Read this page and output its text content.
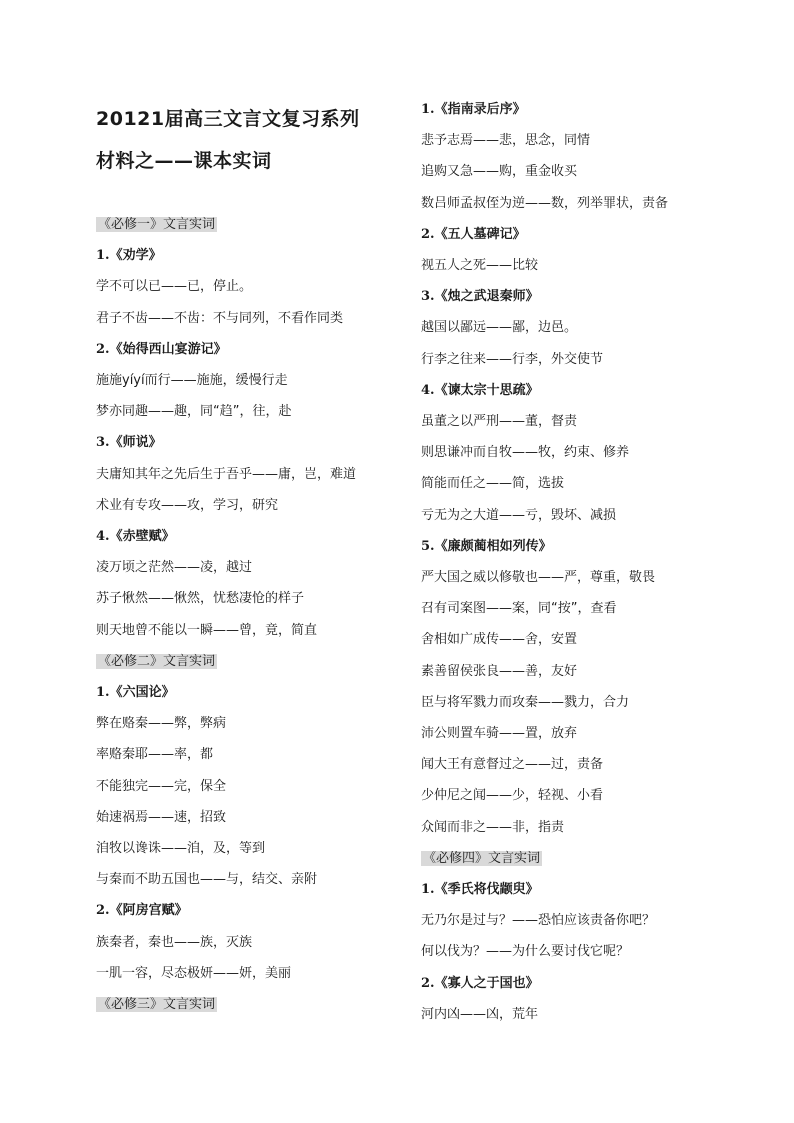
20121届高三文言文复习系列
材料之——课本实词
《必修一》文言实词
1.《劝学》
学不可以已——已，停止。
君子不齿——不齿：不与同列，不看作同类
2.《始得西山宴游记》
施施yíyí而行——施施，缓慢行走
梦亦同趣——趣，同“趋”，往，赴
3.《师说》
夫庸知其年之先后生于吾乎——庸，岂，难道
术业有专攻——攻，学习，研究
4.《赤壁赋》
凌万顷之茫然——凌，越过
苏子愀然——愀然，忧愁凄怆的样子
则天地曾不能以一瞬——曾，竟，简直
《必修二》文言实词
1.《六国论》
弊在赂秦——弊，弊病
率赂秦耶——率，都
不能独完——完，保全
始速祸焉——速，招致
洎牧以谗诛——洎，及，等到
与秦而不助五国也——与，结交、亲附
2.《阿房宫赋》
族秦者，秦也——族，灭族
一肌一容，尽态极妍——妍，美丽
《必修三》文言实词
1.《指南录后序》
悲予志焉——悲，思念，同情
追购又急——购，重金收买
数吕师孟叔侄为逆——数，列举罪状，责备
2.《五人墓碑记》
视五人之死——比较
3.《烛之武退秦师》
越国以鄙远——鄙，边邑。
行李之往来——行李，外交使节
4.《谏太宗十思疏》
虽董之以严刑——董，督责
则思谦冲而自牧——牧，约束、修养
简能而任之——简，选拔
亏无为之大道——亏，毁坏、减损
5.《廉颇蔺相如列传》
严大国之威以修敬也——严，尊重，敬畏
召有司案图——案，同“按”，查看
舍相如广成传——舍，安置
素善留侯张良——善，友好
臣与将军戮力而攻秦——戮力，合力
沛公则置车骑——置，放弃
闻大王有意督过之——过，责备
少仲尼之闻——少，轻视、小看
众闻而非之——非，指责
《必修四》文言实词
1.《季氏将伐颛臾》
无乃尔是过与？——恐怕应该责备你吧？
何以伐为？——为什么要讨伐它呢？
2.《寡人之于国也》
河内凶——凶，荒年
